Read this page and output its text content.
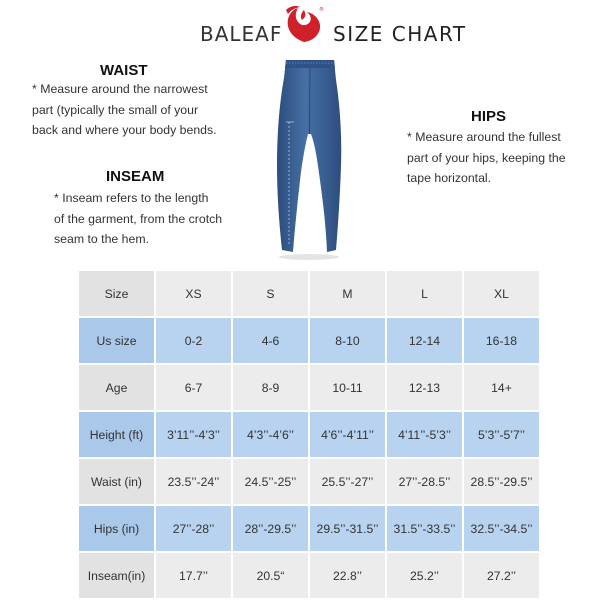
BALEAF
®
SIZE CHART
WAIST
* Measure around the narrowest
part (typically the small of your
back and where your body bends.
INSEAM
* Inseam refers to the length
of the garment, from the crotch
seam to the hem.
HIPS
* Measure around the fullest
part of your hips, keeping the
tape horizontal.
Size	XS	S	M	L	XL
Us size	0-2	4-6	8-10	12-14	16-18
Age	6-7	8-9	10-11	12-13	14+
Height (ft)	3’11’’-4’3’’	4’3’’-4’6’’	4’6’’-4’11’’	4’11’’-5’3’’	5’3’’-5’7’’
Waist (in)	23.5’’-24’’	24.5’’-25’’	25.5’’-27’’	27’’-28.5’’	28.5’’-29.5’’
Hips (in)	27’’-28’’	28’’-29.5’’	29.5’’-31.5’’	31.5’’-33.5’’	32.5’’-34.5’’
Inseam(in)	17.7’’	20.5“	22.8’’	25.2’’	27.2’’
